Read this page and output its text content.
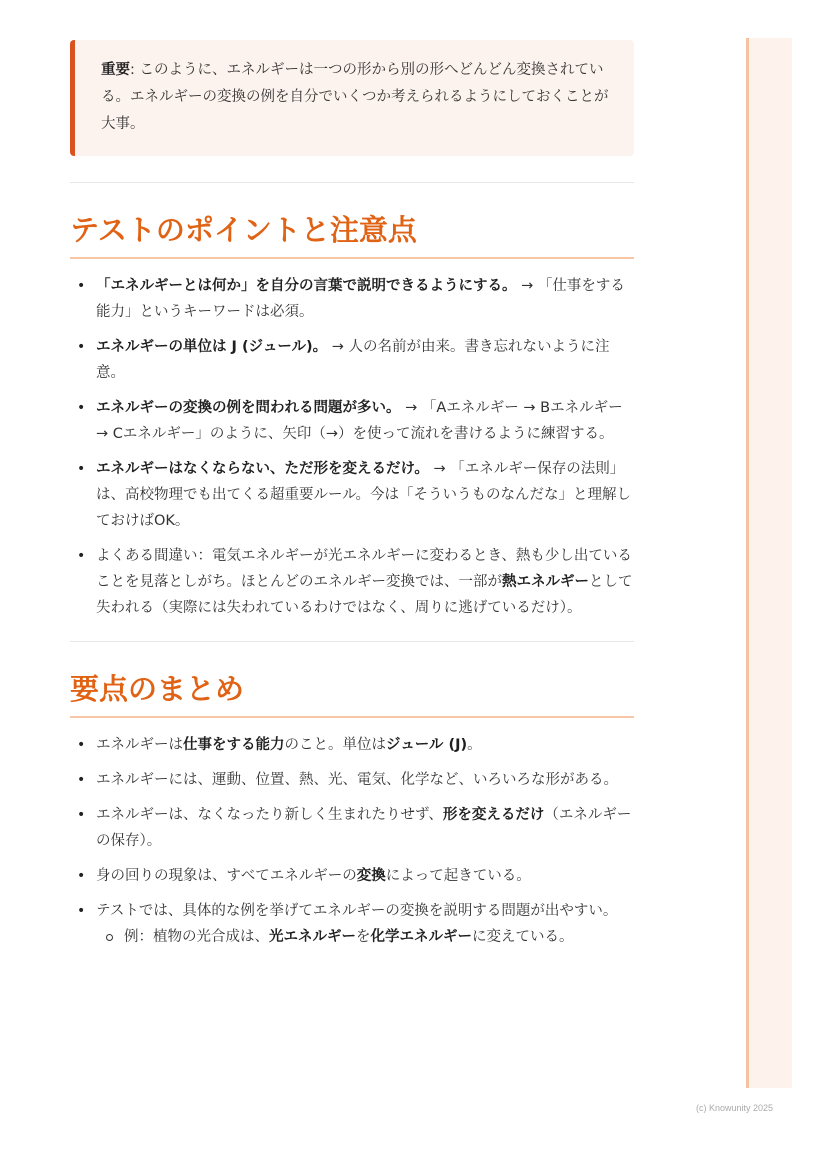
重要: このように、エネルギーは一つの形から別の形へどんどん変換されている。エネルギーの変換の例を自分でいくつか考えられるようにしておくことが大事。
テストのポイントと注意点
• 「エネルギーとは何か」を自分の言葉で説明できるようにする。 → 「仕事をする能力」というキーワードは必須。
• エネルギーの単位は J (ジュール)。 → 人の名前が由来。書き忘れないように注意。
• エネルギーの変換の例を問われる問題が多い。 → 「Aエネルギー → Bエネルギー → Cエネルギー」のように、矢印（→）を使って流れを書けるように練習する。
• エネルギーはなくならない、ただ形を変えるだけ。 → 「エネルギー保存の法則」は、高校物理でも出てくる超重要ルール。今は「そういうものなんだな」と理解しておけばOK。
• よくある間違い：電気エネルギーが光エネルギーに変わるとき、熱も少し出ていることを見落としがち。ほとんどのエネルギー変換では、一部が熱エネルギーとして失われる（実際には失われているわけではなく、周りに逃げているだけ）。
要点のまとめ
• エネルギーは仕事をする能力のこと。単位はジュール (J)。
• エネルギーには、運動、位置、熱、光、電気、化学など、いろいろな形がある。
• エネルギーは、なくなったり新しく生まれたりせず、形を変えるだけ（エネルギーの保存）。
• 身の回りの現象は、すべてエネルギーの変換によって起きている。
• テストでは、具体的な例を挙げてエネルギーの変換を説明する問題が出やすい。
例：植物の光合成は、光エネルギーを化学エネルギーに変えている。
(c) Knowunity 2025
